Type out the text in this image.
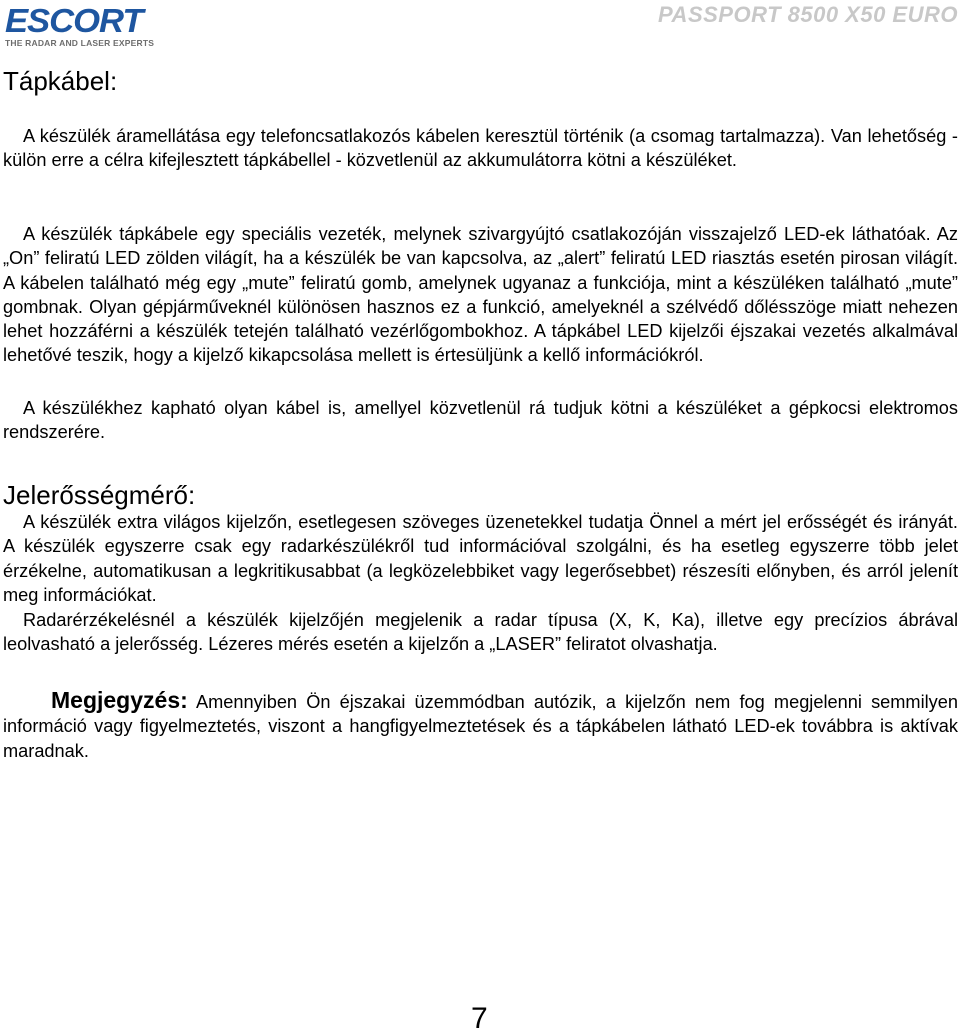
ESCORT
THE RADAR AND LASER EXPERTS
PASSPORT 8500 X50 EURO
Tápkábel:

A készülék áramellátása egy telefoncsatlakozós kábelen keresztül történik (a csomag tartalmazza). Van lehetőség - külön erre a célra kifejlesztett tápkábellel - közvetlenül az akkumulátorra kötni a készüléket.

A készülék tápkábele egy speciális vezeték, melynek szivargyújtó csatlakozóján visszajelző LED-ek láthatóak. Az „On” feliratú LED zölden világít, ha a készülék be van kapcsolva, az „alert” feliratú LED riasztás esetén pirosan világít. A kábelen található még egy „mute” feliratú gomb, amelynek ugyanaz a funkciója, mint a készüléken található „mute” gombnak. Olyan gépjárműveknél különösen hasznos ez a funkció, amelyeknél a szélvédő dőlésszöge miatt nehezen lehet hozzáférni a készülék tetején található vezérlőgombokhoz. A tápkábel LED kijelzői éjszakai vezetés alkalmával lehetővé teszik, hogy a kijelző kikapcsolása mellett is értesüljünk a kellő információkról.

A készülékhez kapható olyan kábel is, amellyel közvetlenül rá tudjuk kötni a készüléket a gépkocsi elektromos rendszerére.

Jelerősségmérő:

A készülék extra világos kijelzőn, esetlegesen szöveges üzenetekkel tudatja Önnel a mért jel erősségét és irányát. A készülék egyszerre csak egy radarkészülékről tud információval szolgálni, és ha esetleg egyszerre több jelet érzékelne, automatikusan a legkritikusabbat (a legközelebbiket vagy legerősebbet) részesíti előnyben, és arról jelenít meg információkat.

Radarérzékelésnél a készülék kijelzőjén megjelenik a radar típusa (X, K, Ka), illetve egy precízios ábrával leolvasható a jelerősség. Lézeres mérés esetén a kijelzőn a „LASER” feliratot olvashatja.

Megjegyzés: Amennyiben Ön éjszakai üzemmódban autózik, a kijelzőn nem fog megjelenni semmilyen információ vagy figyelmeztetés, viszont a hangfigyelmeztetések és a tápkábelen látható LED-ek továbbra is aktívak maradnak.

7
